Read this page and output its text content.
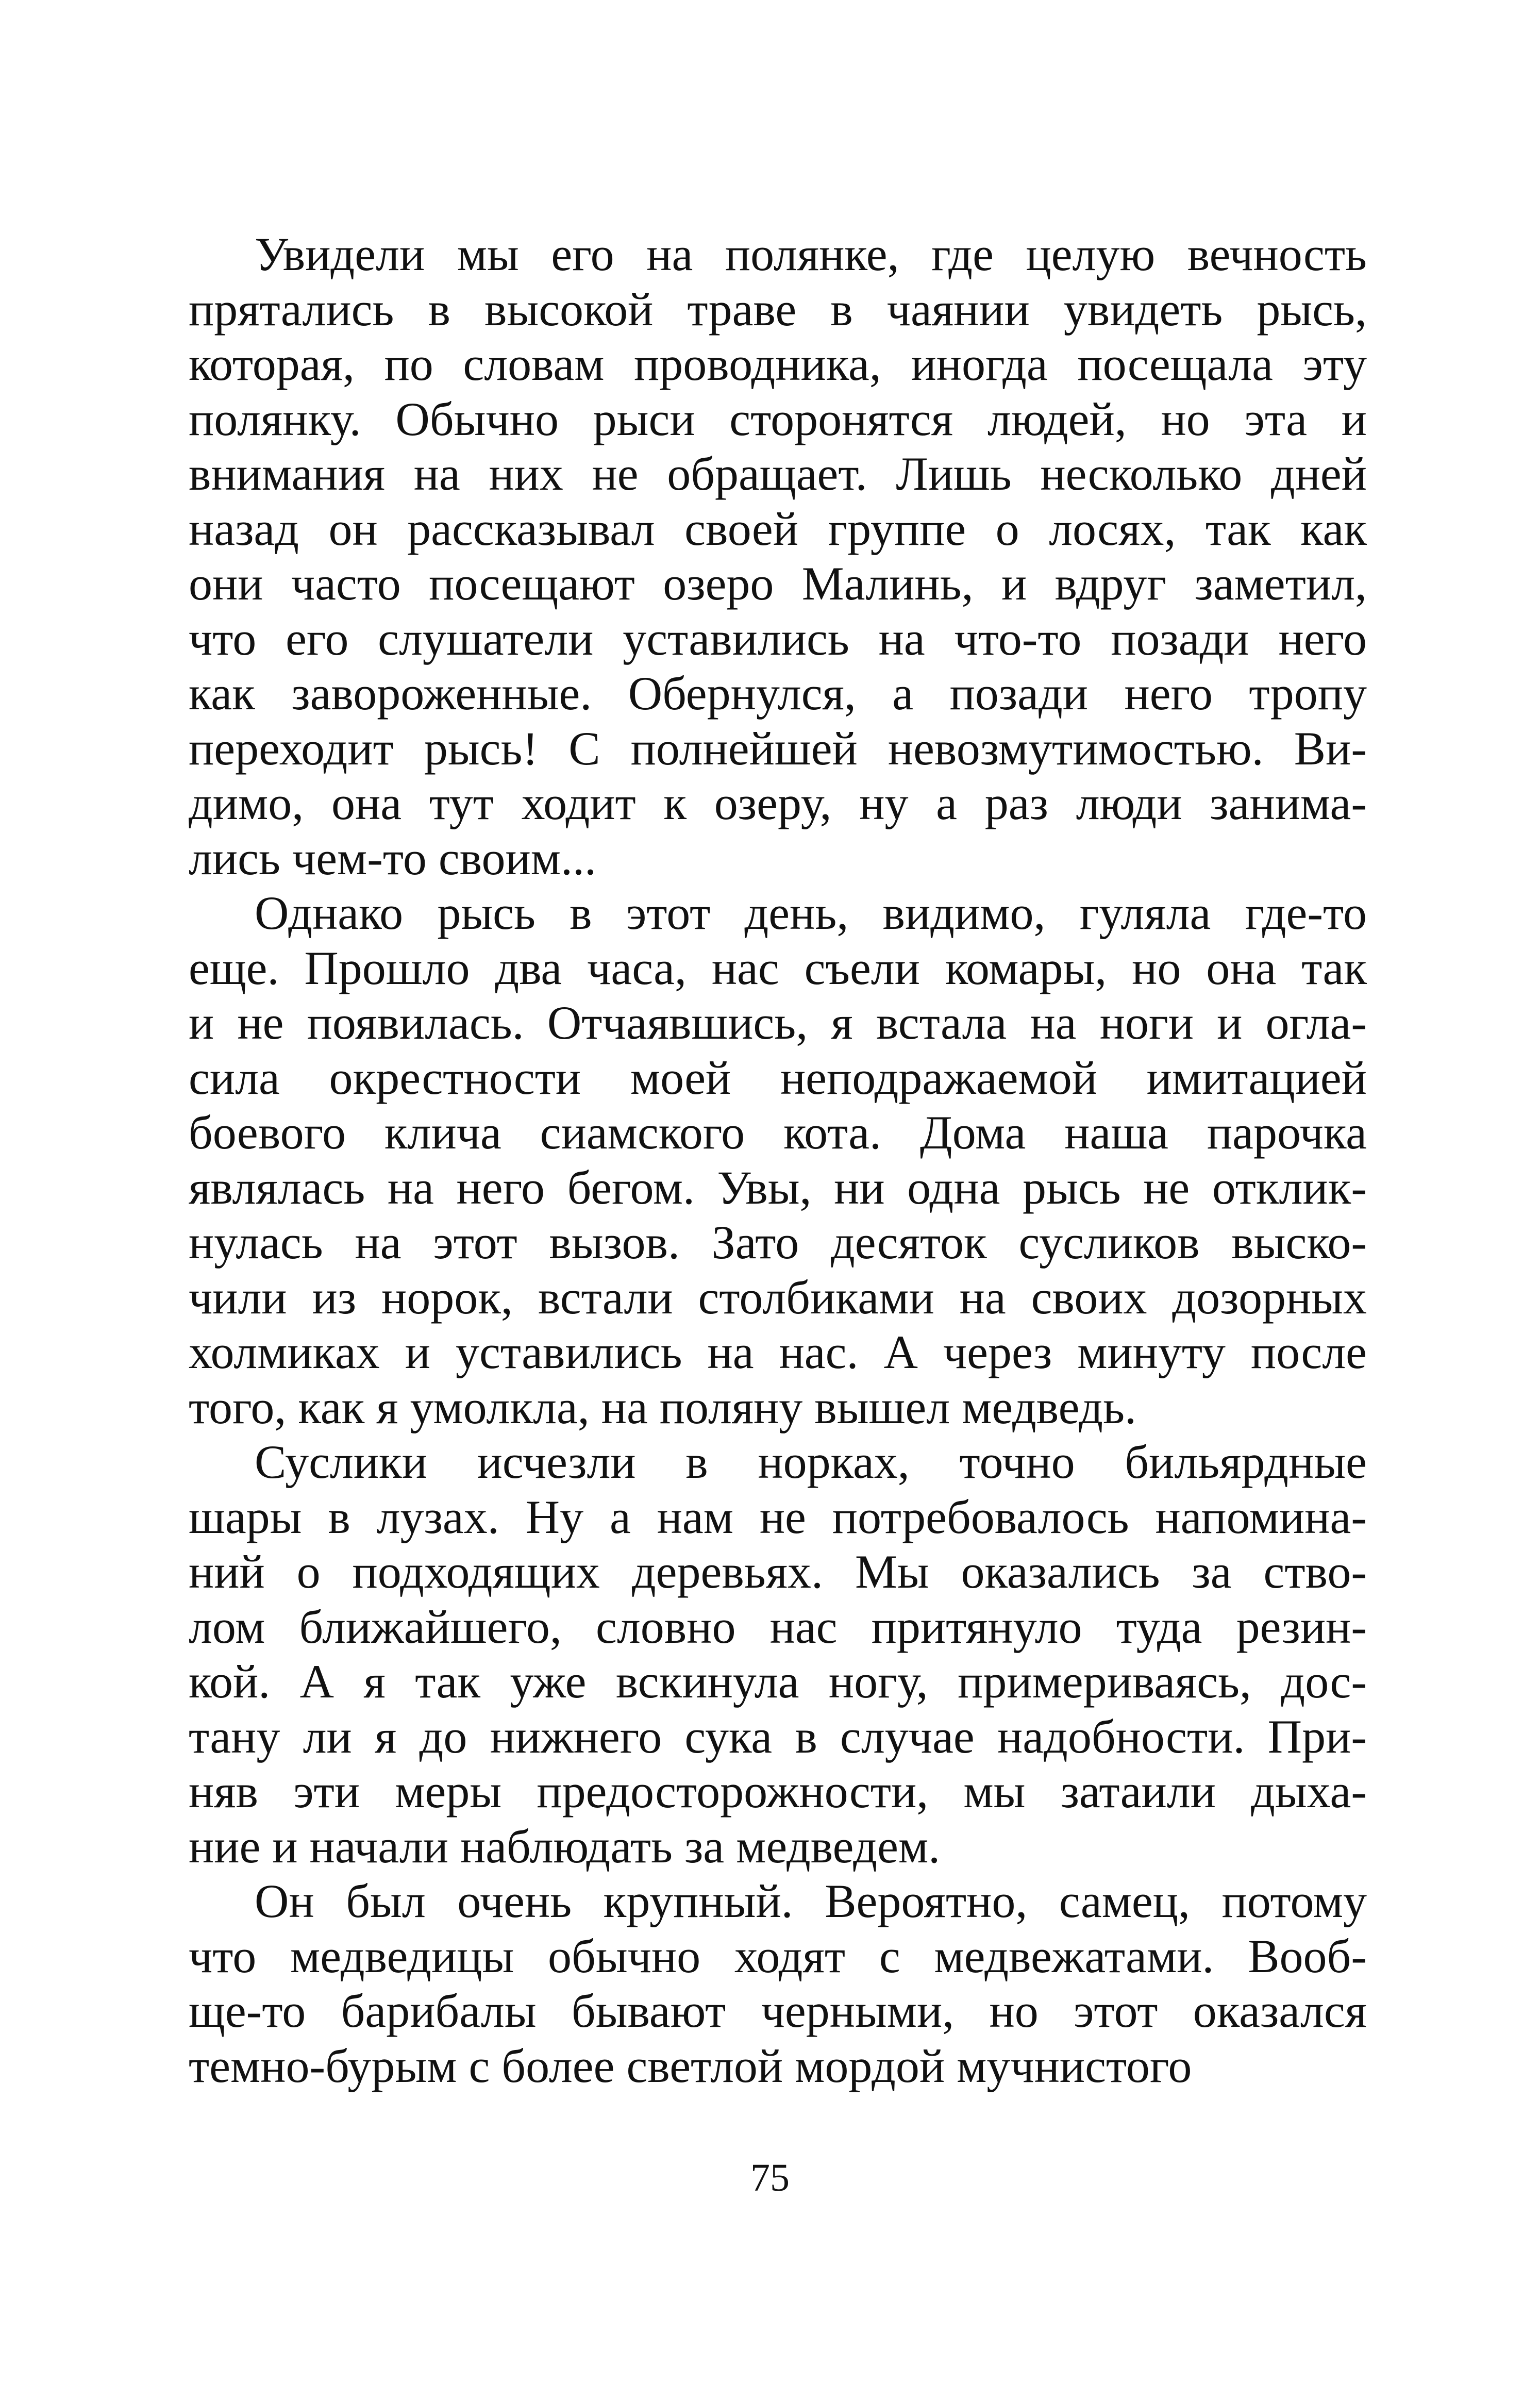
Увидели мы его на полянке, где целую вечность
прятались в высокой траве в чаянии увидеть рысь,
которая, по словам проводника, иногда посещала эту
полянку. Обычно рыси сторонятся людей, но эта и
внимания на них не обращает. Лишь несколько дней
назад он рассказывал своей группе о лосях, так как
они часто посещают озеро Малинь, и вдруг заметил,
что его слушатели уставились на что-то позади него
как завороженные. Обернулся, а позади него тропу
переходит рысь! С полнейшей невозмутимостью. Ви-
димо, она тут ходит к озеру, ну а раз люди занима-
лись чем-то своим...
Однако рысь в этот день, видимо, гуляла где-то
еще. Прошло два часа, нас съели комары, но она так
и не появилась. Отчаявшись, я встала на ноги и огла-
сила окрестности моей неподражаемой имитацией
боевого клича сиамского кота. Дома наша парочка
являлась на него бегом. Увы, ни одна рысь не отклик-
нулась на этот вызов. Зато десяток сусликов выско-
чили из норок, встали столбиками на своих дозорных
холмиках и уставились на нас. А через минуту после
того, как я умолкла, на поляну вышел медведь.
Суслики исчезли в норках, точно бильярдные
шары в лузах. Ну а нам не потребовалось напомина-
ний о подходящих деревьях. Мы оказались за ство-
лом ближайшего, словно нас притянуло туда резин-
кой. А я так уже вскинула ногу, примериваясь, дос-
тану ли я до нижнего сука в случае надобности. При-
няв эти меры предосторожности, мы затаили дыха-
ние и начали наблюдать за медведем.
Он был очень крупный. Вероятно, самец, потому
что медведицы обычно ходят с медвежатами. Вооб-
ще-то барибалы бывают черными, но этот оказался
темно-бурым с более светлой мордой мучнистого
75
